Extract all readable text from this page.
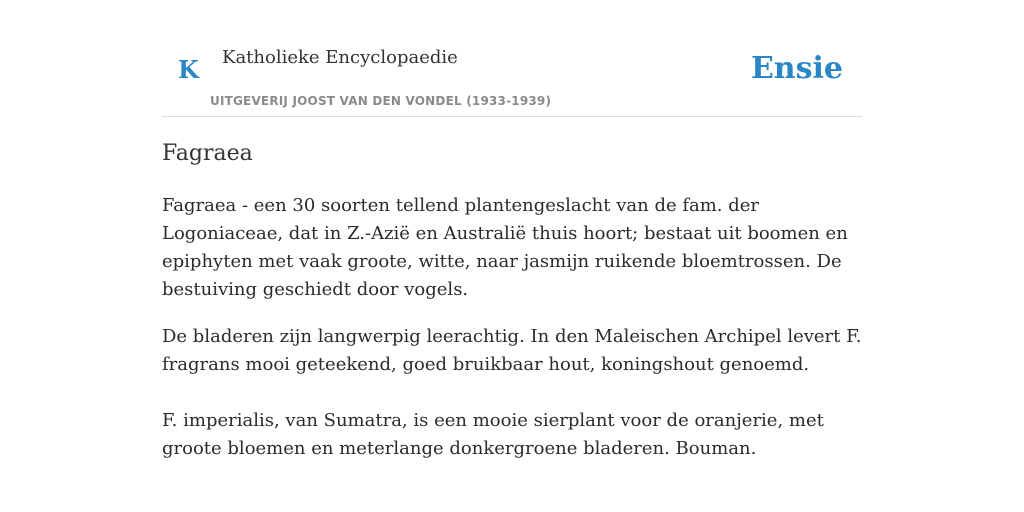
K Katholieke Encyclopaedie
UITGEVERIJ JOOST VAN DEN VONDEL (1933-1939)
Ensie
Fagraea

Fagraea - een 30 soorten tellend plantengeslacht van de fam. der Logoniaceae, dat in Z.-Azië en Australië thuis hoort; bestaat uit boomen en epiphyten met vaak groote, witte, naar jasmijn ruikende bloemtrossen. De bestuiving geschiedt door vogels.

De bladeren zijn langwerpig leerachtig. In den Maleischen Archipel levert F. fragrans mooi geteekend, goed bruikbaar hout, koningshout genoemd.

F. imperialis, van Sumatra, is een mooie sierplant voor de oranjerie, met groote bloemen en meterlange donkergroene bladeren. Bouman.
